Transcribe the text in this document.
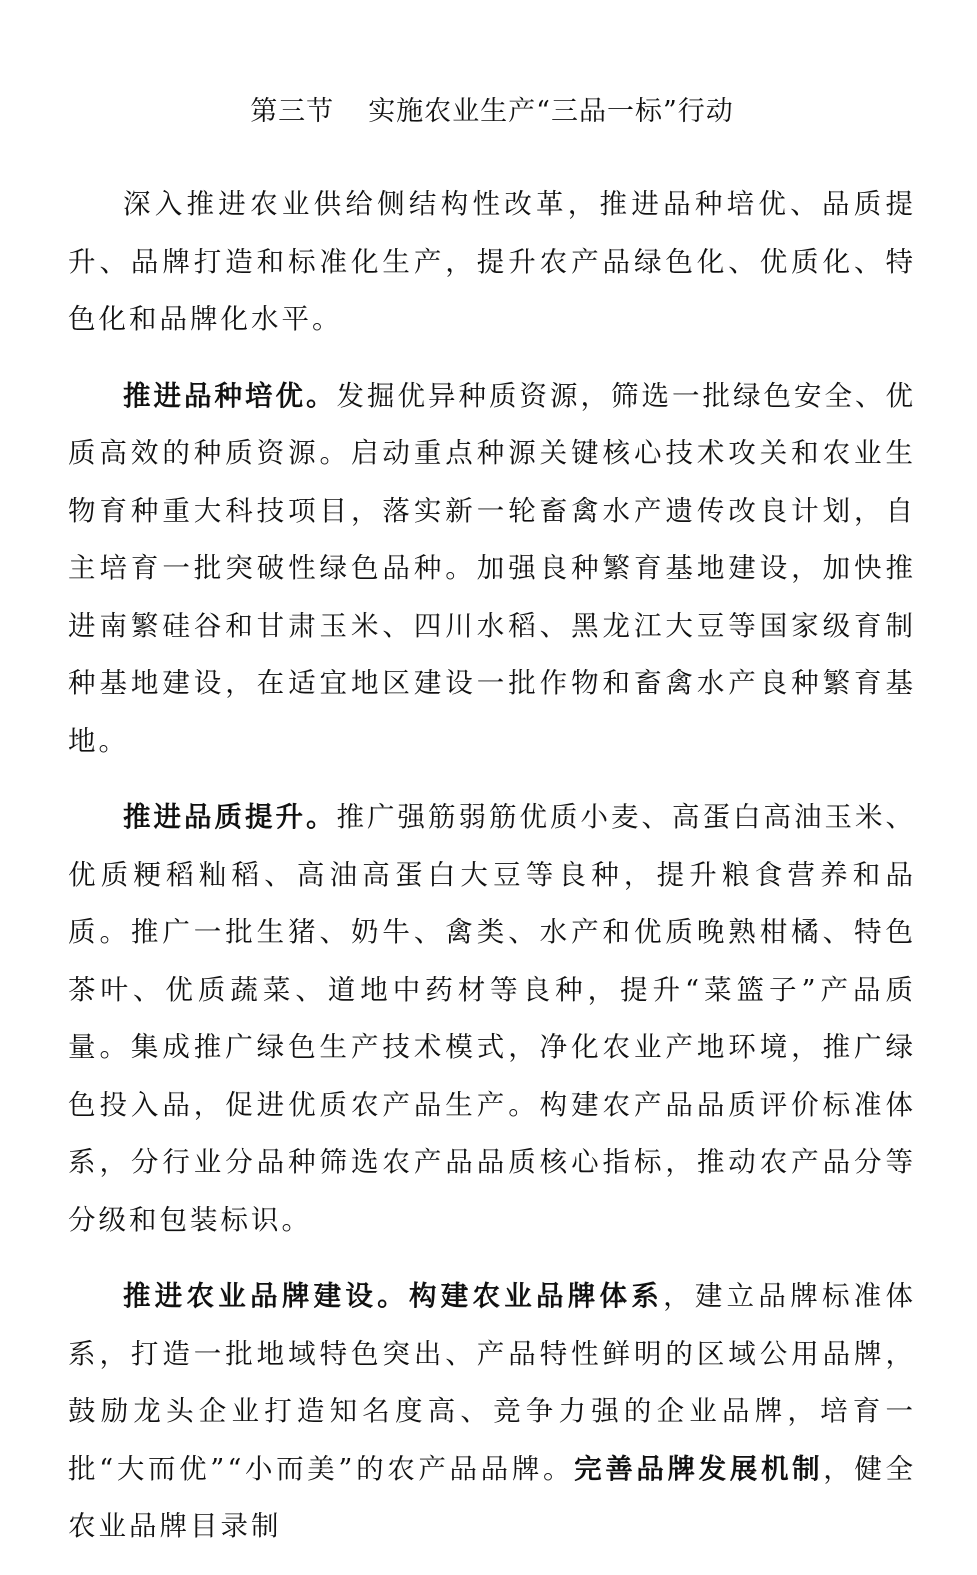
第三节 实施农业生产“三品一标”行动

深入推进农业供给侧结构性改革，推进品种培优、品质提升、品牌打造和标准化生产，提升农产品绿色化、优质化、特色化和品牌化水平。

推进品种培优。发掘优异种质资源，筛选一批绿色安全、优质高效的种质资源。启动重点种源关键核心技术攻关和农业生物育种重大科技项目，落实新一轮畜禽水产遗传改良计划，自主培育一批突破性绿色品种。加强良种繁育基地建设，加快推进南繁硅谷和甘肃玉米、四川水稻、黑龙江大豆等国家级育制种基地建设，在适宜地区建设一批作物和畜禽水产良种繁育基地。

推进品质提升。推广强筋弱筋优质小麦、高蛋白高油玉米、优质粳稻籼稻、高油高蛋白大豆等良种，提升粮食营养和品质。推广一批生猪、奶牛、禽类、水产和优质晚熟柑橘、特色茶叶、优质蔬菜、道地中药材等良种，提升“菜篮子”产品质量。集成推广绿色生产技术模式，净化农业产地环境，推广绿色投入品，促进优质农产品生产。构建农产品品质评价标准体系，分行业分品种筛选农产品品质核心指标，推动农产品分等分级和包装标识。

推进农业品牌建设。构建农业品牌体系，建立品牌标准体系，打造一批地域特色突出、产品特性鲜明的区域公用品牌，鼓励龙头企业打造知名度高、竞争力强的企业品牌，培育一批“大而优”“小而美”的农产品品牌。完善品牌发展机制，健全农业品牌目录制
